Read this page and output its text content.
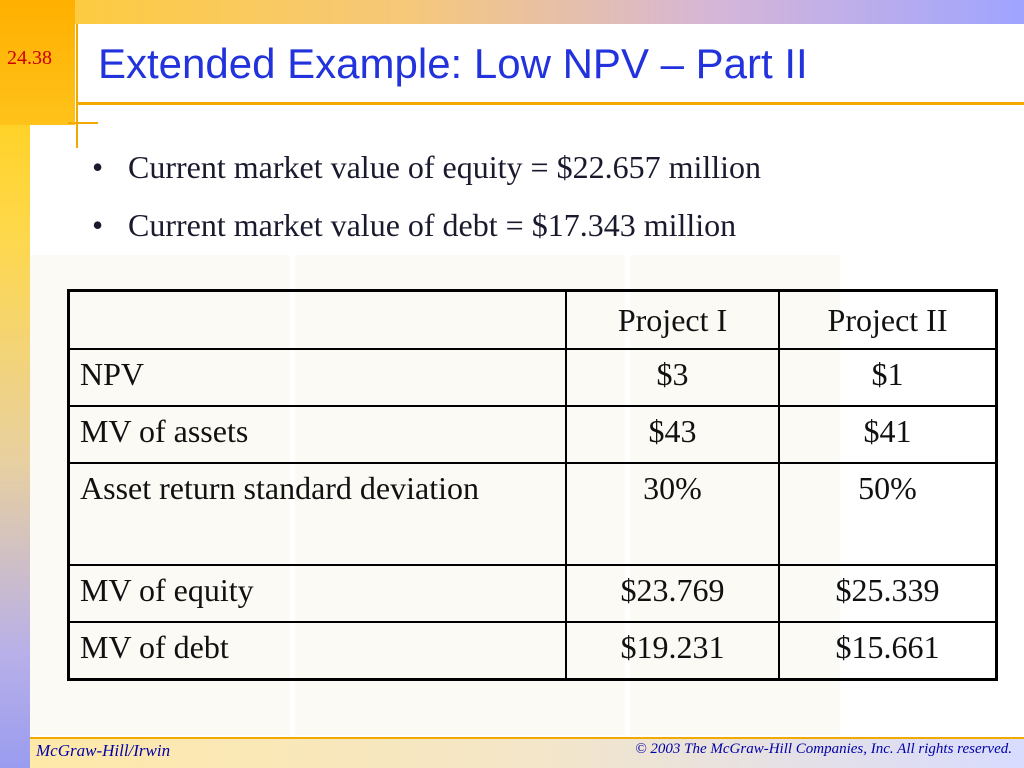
24.38 Extended Example: Low NPV – Part II
• Current market value of equity = $22.657 million
• Current market value of debt = $17.343 million
	Project I	Project II
NPV	$3	$1
MV of assets	$43	$41
Asset return standard deviation	30%	50%
MV of equity	$23.769	$25.339
MV of debt	$19.231	$15.661
McGraw-Hill/Irwin	© 2003 The McGraw-Hill Companies, Inc. All rights reserved.
